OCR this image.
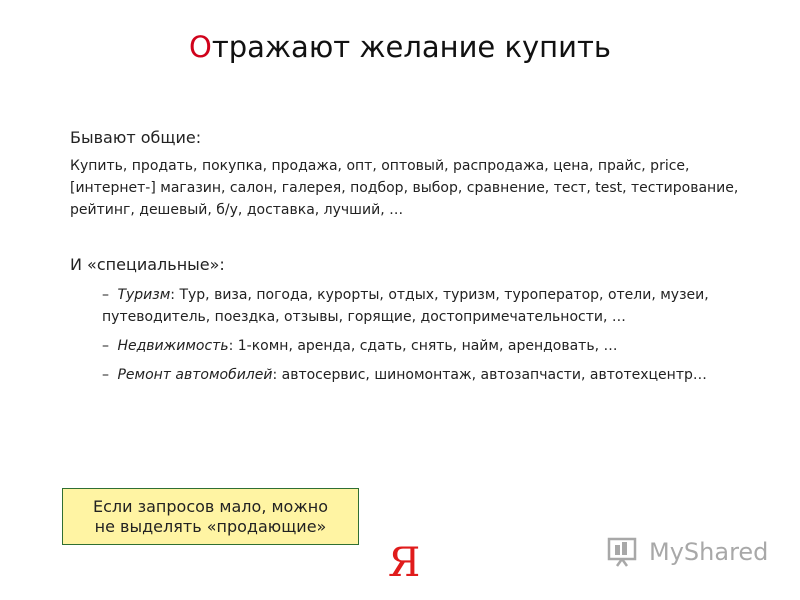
Отражают желание купить

Бывают общие:

Купить, продать, покупка, продажа, опт, оптовый, распродажа, цена, прайс, price, [интернет-] магазин, салон, галерея, подбор, выбор, сравнение, тест, test, тестирование, рейтинг, дешевый, б/у, доставка, лучший, …

И «специальные»:

– Туризм: Тур, виза, погода, курорты, отдых, туризм, туроператор, отели, музеи, путеводитель, поездка, отзывы, горящие, достопримечательности, …
– Недвижимость: 1-комн, аренда, сдать, снять, найм, арендовать, …
– Ремонт автомобилей: автосервис, шиномонтаж, автозапчасти, автотехцентр…
Если запросов мало, можно
не выделять «продающие»
Я	MyShared
